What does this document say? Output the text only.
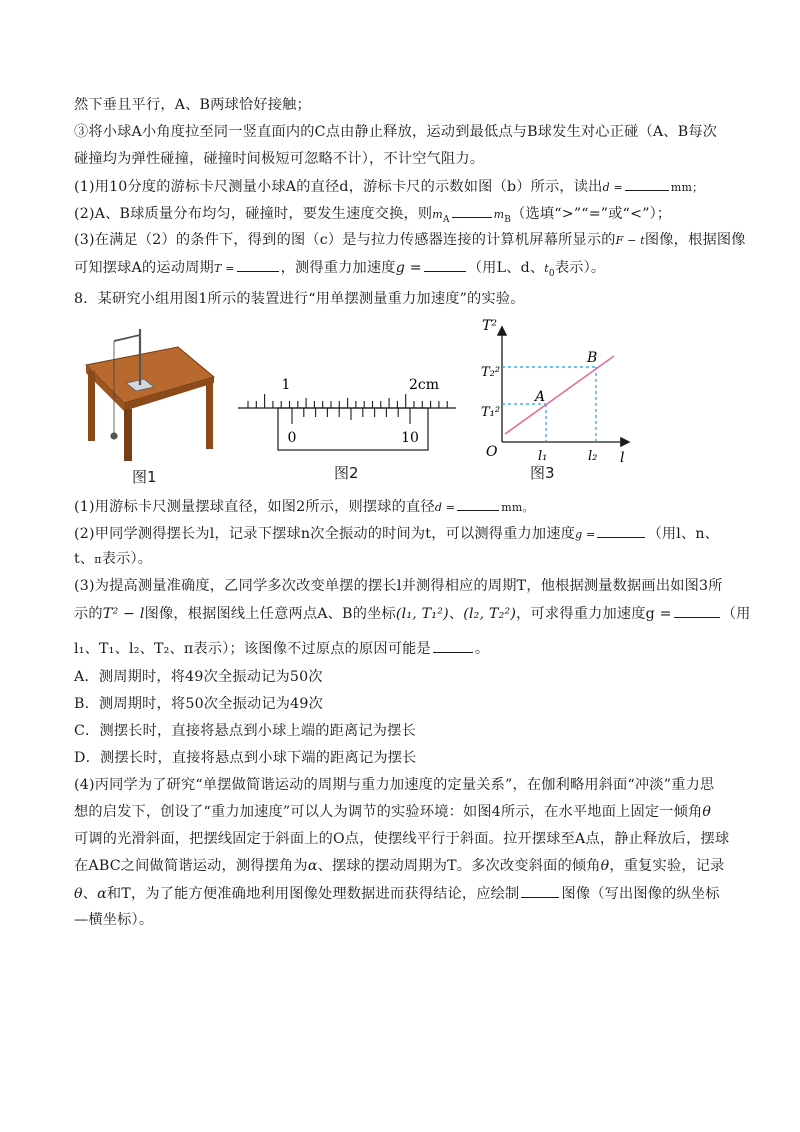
然下垂且平行，A、B两球恰好接触；
③将小球A小角度拉至同一竖直面内的C点由静止释放，运动到最低点与B球发生对心正碰（A、B每次
碰撞均为弹性碰撞，碰撞时间极短可忽略不计），不计空气阻力。
(1)用10分度的游标卡尺测量小球A的直径d，游标卡尺的示数如图（b）所示，读出d =	mm；
(2)A、B球质量分布均匀，碰撞时，要发生速度交换，则$m_A$	$m_B$（选填“>”“=”或“<”）；
(3)在满足（2）的条件下，得到的图（c）是与拉力传感器连接的计算机屏幕所显示的F − t图像，根据图像
可知摆球A的运动周期T =	，测得重力加速度g =	（用L、d、$t_0$表示）。
8．某研究小组用图1所示的装置进行“用单摆测量重力加速度”的实验。
图1
1	2cm
0	10
图2
T²
O	l
A
B
T₁²
T₂²
l₁	l₂
图3
(1)用游标卡尺测量摆球直径，如图2所示，则摆球的直径d =	mm。
(2)甲同学测得摆长为l，记录下摆球n次全振动的时间为t，可以测得重力加速度g =	（用l、n、
t、π表示）。
(3)为提高测量准确度，乙同学多次改变单摆的摆长l并测得相应的周期T，他根据测量数据画出如图3所
示的T² − l图像，根据图线上任意两点A、B的坐标(l₁, T₁²)、(l₂, T₂²)，可求得重力加速度g =	（用
l₁、T₁、l₂、T₂、π表示）；该图像不过原点的原因可能是	。
A．测周期时，将49次全振动记为50次
B．测周期时，将50次全振动记为49次
C．测摆长时，直接将悬点到小球上端的距离记为摆长
D．测摆长时，直接将悬点到小球下端的距离记为摆长
(4)丙同学为了研究“单摆做简谐运动的周期与重力加速度的定量关系”，在伽利略用斜面“冲淡”重力思
想的启发下，创设了“重力加速度”可以人为调节的实验环境：如图4所示，在水平地面上固定一倾角θ
可调的光滑斜面，把摆线固定于斜面上的O点，使摆线平行于斜面。拉开摆球至A点，静止释放后，摆球
在ABC之间做简谐运动，测得摆角为α、摆球的摆动周期为T。多次改变斜面的倾角θ，重复实验，记录
θ、α和T，为了能方便准确地利用图像处理数据进而获得结论，应绘制	图像（写出图像的纵坐标
—横坐标）。
